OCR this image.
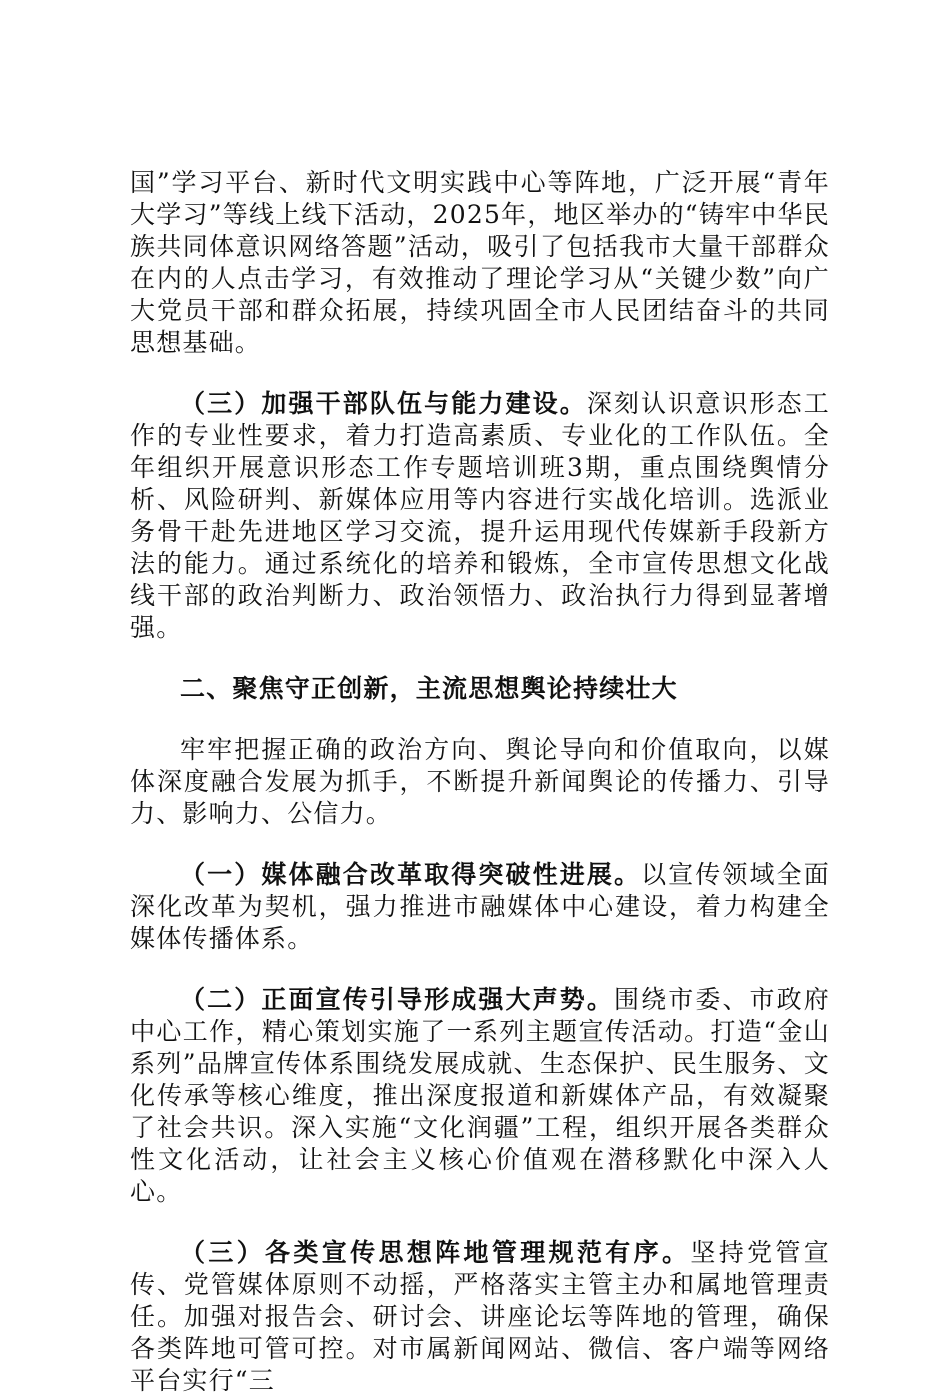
国”学习平台、新时代文明实践中心等阵地，广泛开展“青年大学习”等线上线下活动，2025年，地区举办的“铸牢中华民族共同体意识网络答题”活动，吸引了包括我市大量干部群众在内的人点击学习，有效推动了理论学习从“关键少数”向广大党员干部和群众拓展，持续巩固全市人民团结奋斗的共同思想基础。

（三）加强干部队伍与能力建设。深刻认识意识形态工作的专业性要求，着力打造高素质、专业化的工作队伍。全年组织开展意识形态工作专题培训班3期，重点围绕舆情分析、风险研判、新媒体应用等内容进行实战化培训。选派业务骨干赴先进地区学习交流，提升运用现代传媒新手段新方法的能力。通过系统化的培养和锻炼，全市宣传思想文化战线干部的政治判断力、政治领悟力、政治执行力得到显著增强。

二、聚焦守正创新，主流思想舆论持续壮大

牢牢把握正确的政治方向、舆论导向和价值取向，以媒体深度融合发展为抓手，不断提升新闻舆论的传播力、引导力、影响力、公信力。

（一）媒体融合改革取得突破性进展。以宣传领域全面深化改革为契机，强力推进市融媒体中心建设，着力构建全媒体传播体系。

（二）正面宣传引导形成强大声势。围绕市委、市政府中心工作，精心策划实施了一系列主题宣传活动。打造“金山系列”品牌宣传体系围绕发展成就、生态保护、民生服务、文化传承等核心维度，推出深度报道和新媒体产品，有效凝聚了社会共识。深入实施“文化润疆”工程，组织开展各类群众性文化活动，让社会主义核心价值观在潜移默化中深入人心。

（三）各类宣传思想阵地管理规范有序。坚持党管宣传、党管媒体原则不动摇，严格落实主管主办和属地管理责任。加强对报告会、研讨会、讲座论坛等阵地的管理，确保各类阵地可管可控。对市属新闻网站、微信、客户端等网络平台实行“三
